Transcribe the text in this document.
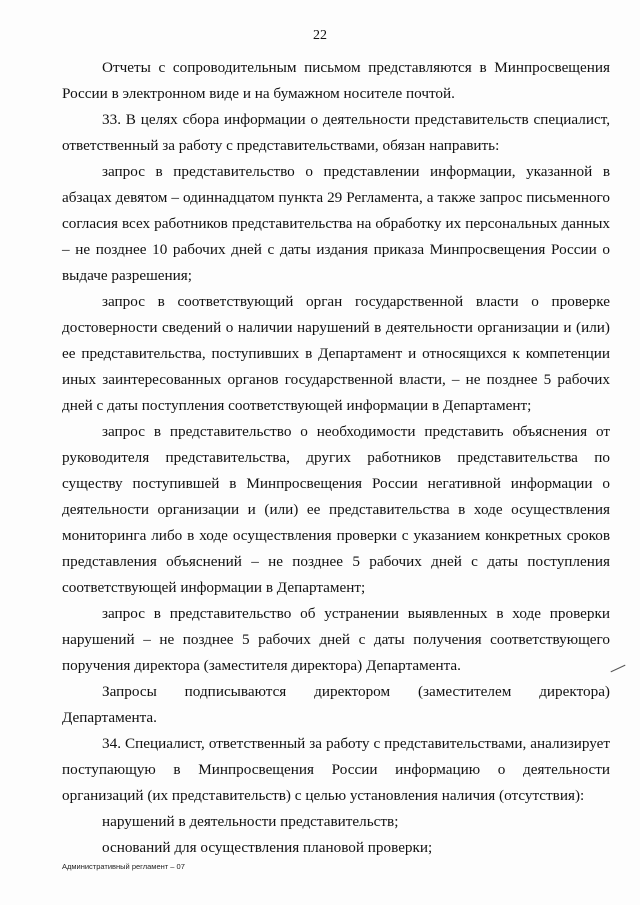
22

Отчеты с сопроводительным письмом представляются в Минпросвещения России в электронном виде и на бумажном носителе почтой.

33. В целях сбора информации о деятельности представительств специалист, ответственный за работу с представительствами, обязан направить:

запрос в представительство о представлении информации, указанной в абзацах девятом – одиннадцатом пункта 29 Регламента, а также запрос письменного согласия всех работников представительства на обработку их персональных данных – не позднее 10 рабочих дней с даты издания приказа Минпросвещения России о выдаче разрешения;

запрос в соответствующий орган государственной власти о проверке достоверности сведений о наличии нарушений в деятельности организации и (или) ее представительства, поступивших в Департамент и относящихся к компетенции иных заинтересованных органов государственной власти, – не позднее 5 рабочих дней с даты поступления соответствующей информации в Департамент;

запрос в представительство о необходимости представить объяснения от руководителя представительства, других работников представительства по существу поступившей в Минпросвещения России негативной информации о деятельности организации и (или) ее представительства в ходе осуществления мониторинга либо в ходе осуществления проверки с указанием конкретных сроков представления объяснений – не позднее 5 рабочих дней с даты поступления соответствующей информации в Департамент;

запрос в представительство об устранении выявленных в ходе проверки нарушений – не позднее 5 рабочих дней с даты получения соответствующего поручения директора (заместителя директора) Департамента.

Запросы подписываются директором (заместителем директора) Департамента.

34. Специалист, ответственный за работу с представительствами, анализирует поступающую в Минпросвещения России информацию о деятельности организаций (их представительств) с целью установления наличия (отсутствия):

нарушений в деятельности представительств;

оснований для осуществления плановой проверки;

Административный регламент – 07
